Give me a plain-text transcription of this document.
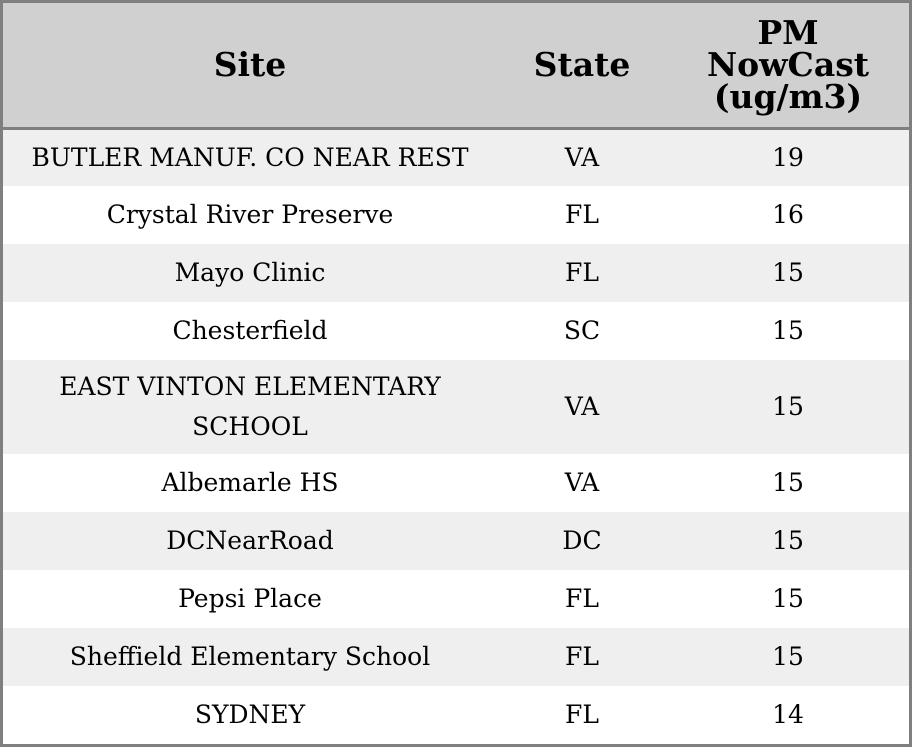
Site	State	PM
NowCast
(ug/m3)

BUTLER MANUF. CO NEAR REST	VA	19
Crystal River Preserve	FL	16
Mayo Clinic	FL	15
Chesterfield	SC	15
EAST VINTON ELEMENTARY SCHOOL	VA	15
Albemarle HS	VA	15
DCNearRoad	DC	15
Pepsi Place	FL	15
Sheffield Elementary School	FL	15
SYDNEY	FL	14
